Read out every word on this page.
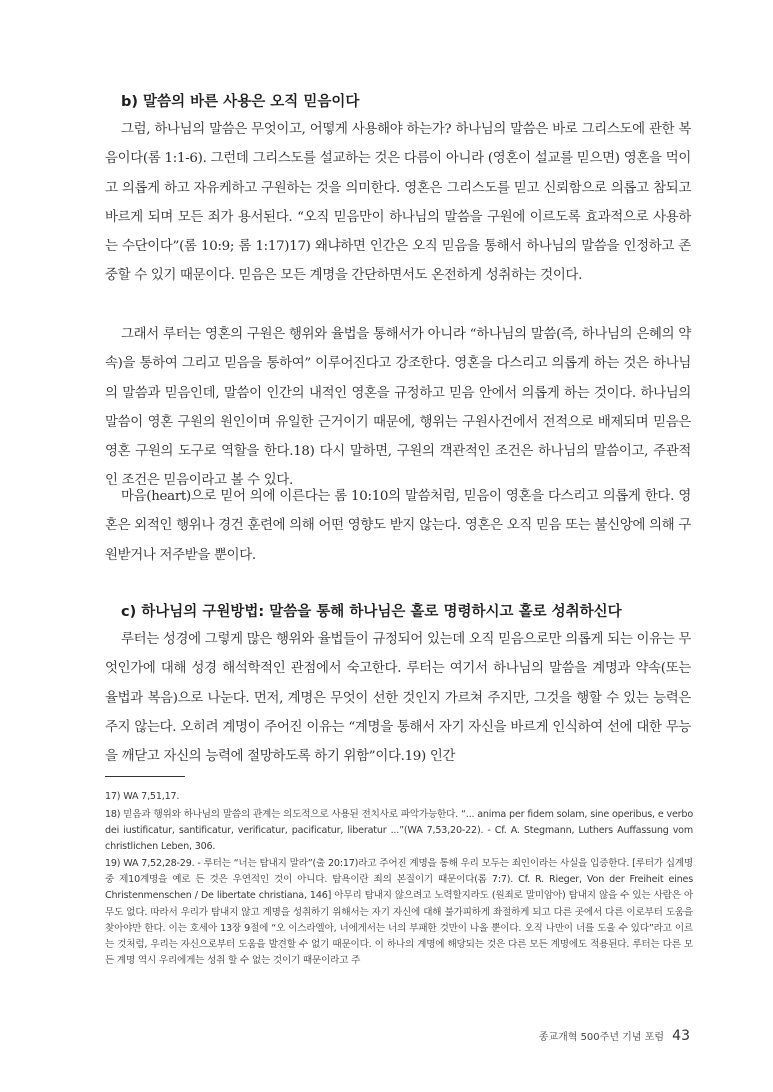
b) 말씀의 바른 사용은 오직 믿음이다

그럼, 하나님의 말씀은 무엇이고, 어떻게 사용해야 하는가? 하나님의 말씀은 바로 그리스도에 관한 복음이다(롬 1:1-6). 그런데 그리스도를 설교하는 것은 다름이 아니라 (영혼이 설교를 믿으면) 영혼을 먹이고 의롭게 하고 자유케하고 구원하는 것을 의미한다. 영혼은 그리스도를 믿고 신뢰함으로 의롭고 참되고 바르게 되며 모든 죄가 용서된다. “오직 믿음만이 하나님의 말씀을 구원에 이르도록 효과적으로 사용하는 수단이다”(롬 10:9; 롬 1:17)17) 왜냐하면 인간은 오직 믿음을 통해서 하나님의 말씀을 인정하고 존중할 수 있기 때문이다. 믿음은 모든 계명을 간단하면서도 온전하게 성취하는 것이다.

그래서 루터는 영혼의 구원은 행위와 율법을 통해서가 아니라 “하나님의 말씀(즉, 하나님의 은혜의 약속)을 통하여 그리고 믿음을 통하여” 이루어진다고 강조한다. 영혼을 다스리고 의롭게 하는 것은 하나님의 말씀과 믿음인데, 말씀이 인간의 내적인 영혼을 규정하고 믿음 안에서 의롭게 하는 것이다. 하나님의 말씀이 영혼 구원의 원인이며 유일한 근거이기 때문에, 행위는 구원사건에서 전적으로 배제되며 믿음은 영혼 구원의 도구로 역할을 한다.18) 다시 말하면, 구원의 객관적인 조건은 하나님의 말씀이고, 주관적인 조건은 믿음이라고 볼 수 있다.

마음(heart)으로 믿어 의에 이른다는 롬 10:10의 말씀처럼, 믿음이 영혼을 다스리고 의롭게 한다. 영혼은 외적인 행위나 경건 훈련에 의해 어떤 영향도 받지 않는다. 영혼은 오직 믿음 또는 불신앙에 의해 구원받거나 저주받을 뿐이다.

c) 하나님의 구원방법: 말씀을 통해 하나님은 홀로 명령하시고 홀로 성취하신다

루터는 성경에 그렇게 많은 행위와 율법들이 규정되어 있는데 오직 믿음으로만 의롭게 되는 이유는 무엇인가에 대해 성경 해석학적인 관점에서 숙고한다. 루터는 여기서 하나님의 말씀을 계명과 약속(또는 율법과 복음)으로 나눈다. 먼저, 계명은 무엇이 선한 것인지 가르쳐 주지만, 그것을 행할 수 있는 능력은 주지 않는다. 오히려 계명이 주어진 이유는 “계명을 통해서 자기 자신을 바르게 인식하여 선에 대한 무능을 깨닫고 자신의 능력에 절망하도록 하기 위함”이다.19) 인간

17) WA 7,51,17.

18) 믿음과 행위와 하나님의 말씀의 관계는 의도적으로 사용된 전치사로 파악가능한다. “... anima per fidem solam, sine operibus, e verbo dei iustificatur, santificatur, verificatur, pacificatur, liberatur ...”(WA 7,53,20-22). - Cf. A. Stegmann, Luthers Auffassung vom christlichen Leben, 306.

19) WA 7,52,28-29. - 루터는 “너는 탐내지 말라”(출 20:17)라고 주어진 계명을 통해 우리 모두는 죄인이라는 사실을 입증한다. [루터가 십계명 중 제10계명을 예로 든 것은 우연적인 것이 아니다. 탐욕이란 죄의 본질이기 때문이다(롬 7:7). Cf. R. Rieger, Von der Freiheit eines Christenmenschen / De libertate christiana, 146] 아무리 탐내지 않으려고 노력할지라도 (원죄로 말미암아) 탐내지 않을 수 있는 사람은 아무도 없다. 따라서 우리가 탐내지 않고 계명을 성취하기 위해서는 자기 자신에 대해 불가피하게 좌절하게 되고 다른 곳에서 다른 이로부터 도움을 찾아야만 한다. 이는 호세아 13장 9절에 “오 이스라엘아, 너에게서는 너의 부패한 것만이 나올 뿐이다. 오직 나만이 너를 도울 수 있다”라고 이르는 것처럼, 우리는 자신으로부터 도움을 발견할 수 없기 때문이다. 이 하나의 계명에 해당되는 것은 다른 모든 계명에도 적용된다. 루터는 다른 모든 계명 역시 우리에게는 성취 할 수 없는 것이기 때문이라고 주

종교개혁 500주년 기념 포럼 43
